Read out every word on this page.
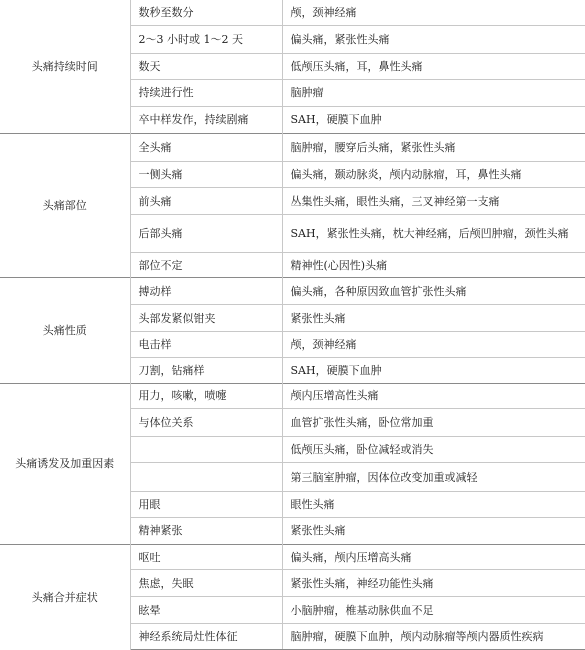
头痛持续时间	数秒至数分	颅，颈神经痛
	2～3 小时或 1～2 天	偏头痛，紧张性头痛
	数天	低颅压头痛，耳，鼻性头痛
	持续进行性	脑肿瘤
	卒中样发作，持续剧痛	SAH，硬膜下血肿
头痛部位	全头痛	脑肿瘤，腰穿后头痛，紧张性头痛
	一侧头痛	偏头痛，颞动脉炎，颅内动脉瘤，耳，鼻性头痛
	前头痛	丛集性头痛，眼性头痛，三叉神经第一支痛
	后部头痛	SAH，紧张性头痛，枕大神经痛，后颅凹肿瘤，颈性头痛
	部位不定	精神性(心因性)头痛
头痛性质	搏动样	偏头痛，各种原因致血管扩张性头痛
	头部发紧似钳夹	紧张性头痛
	电击样	颅，颈神经痛
	刀割，钻痛样	SAH，硬膜下血肿
头痛诱发及加重因素	用力，咳嗽，喷嚏	颅内压增高性头痛
	与体位关系	血管扩张性头痛，卧位常加重
		低颅压头痛，卧位减轻或消失
		第三脑室肿瘤，因体位改变加重或减轻
	用眼	眼性头痛
	精神紧张	紧张性头痛
头痛合并症状	呕吐	偏头痛，颅内压增高头痛
	焦虑，失眠	紧张性头痛，神经功能性头痛
	眩晕	小脑肿瘤，椎基动脉供血不足
	神经系统局灶性体征	脑肿瘤，硬膜下血肿，颅内动脉瘤等颅内器质性疾病
